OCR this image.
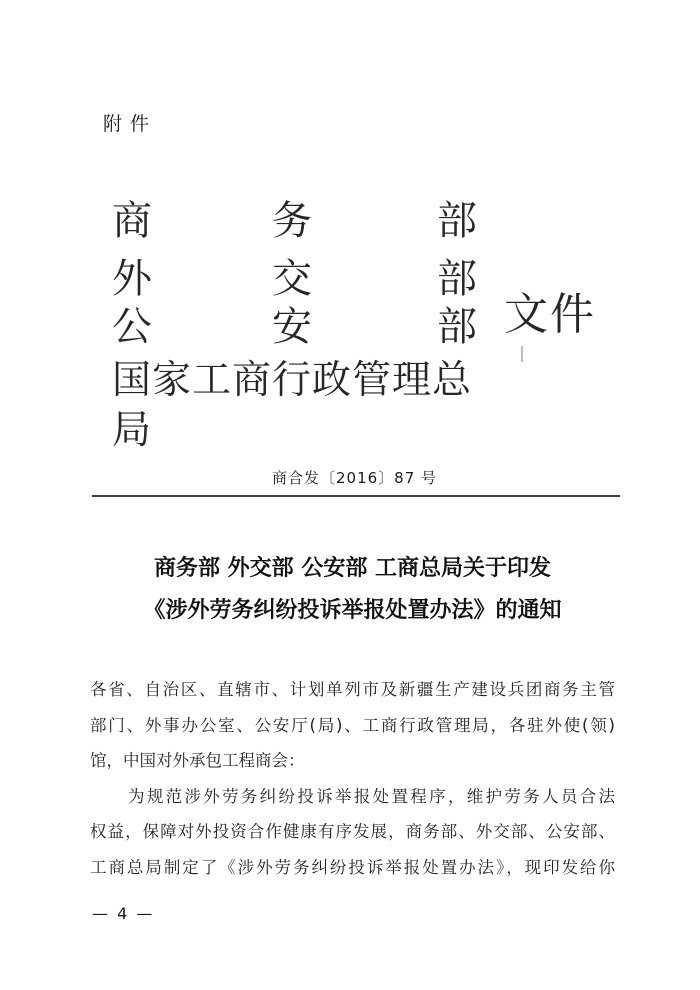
附件
商	务	部
外	交	部
公	安	部
国家工商行政管理总局
文件
商合发〔2016〕87 号
商务部 外交部 公安部 工商总局关于印发
《涉外劳务纠纷投诉举报处置办法》的通知
各省、自治区、直辖市、计划单列市及新疆生产建设兵团商务主管
部门、外事办公室、公安厅(局)、工商行政管理局，各驻外使(领)
馆，中国对外承包工程商会：
为规范涉外劳务纠纷投诉举报处置程序，维护劳务人员合法
权益，保障对外投资合作健康有序发展，商务部、外交部、公安部、
工商总局制定了《涉外劳务纠纷投诉举报处置办法》，现印发给你
— 4 —
